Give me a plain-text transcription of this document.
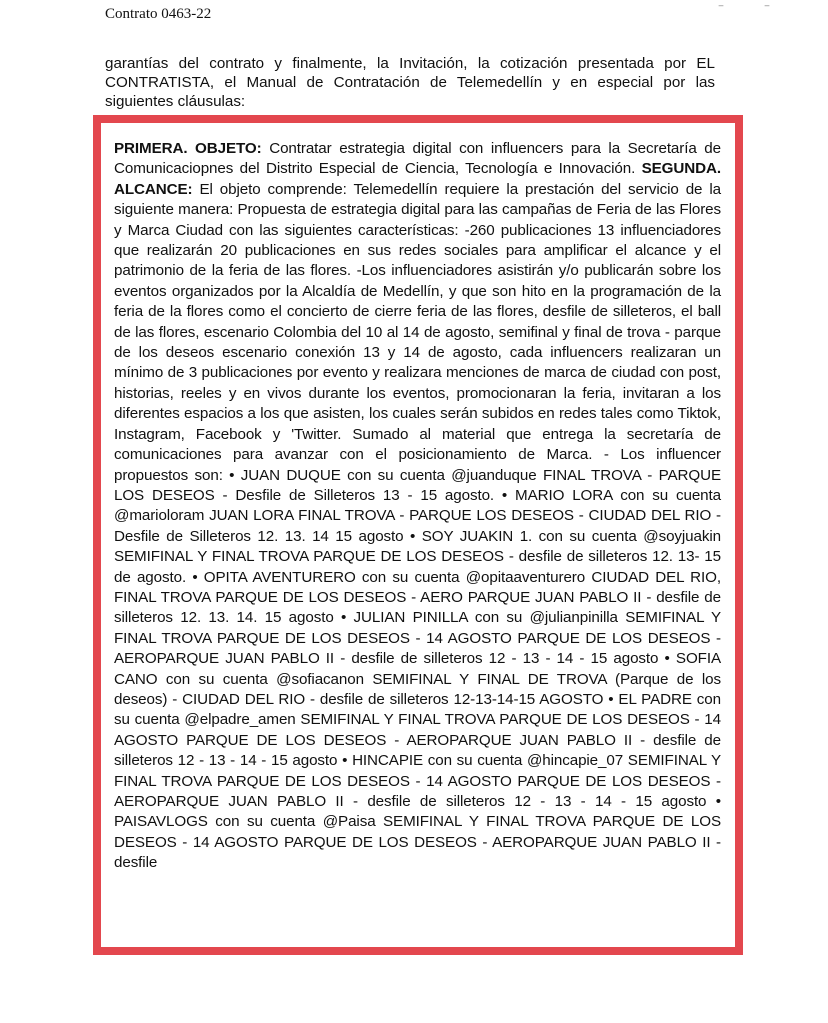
Contrato 0463-22	‾	‾
garantías del contrato y finalmente, la Invitación, la cotización presentada por EL CONTRATISTA, el Manual de Contratación de Telemedellín y en especial por las siguientes cláusulas:
PRIMERA. OBJETO: Contratar estrategia digital con influencers para la Secretaría de Comunicacіopnes del Distrito Especial de Ciencia, Tecnología e Innovación. SEGUNDA. ALCANCE: El objeto comprende: Telemedellín requiere la prestación del servicio de la siguiente manera: Propuesta de estrategia digital para las campañas de Feria de las Flores y Marca Ciudad con las siguientes características: -260 publicaciones 13 influenciadores que realizarán 20 publicaciones en sus redes sociales para amplificar el alcance y el patrimonio de la feria de las flores. -Los influenciadores asistirán y/o publicarán sobre los eventos organizados por la Alcaldía de Medellín, y que son hito en la programación de la feria de la flores como el concierto de cierre feria de las flores, desfile de silleteros, el ball de las flores, escenario Colombia del 10 al 14 de agosto, semifinal y final de trova - parque de los deseos escenario conexión 13 y 14 de agosto, cada influencers realizaran un mínimo de 3 publicaciones por evento y realizara menciones de marca de ciudad con post, historias, reeles y en vivos durante los eventos, promocionaran la feria, invitaran a los diferentes espacios a los que asisten, los cuales serán subidos en redes tales como Tiktok, Instagram, Facebook y 'Twitter. Sumado al material que entrega la secretaría de comunicaciones para avanzar con el posicionamiento de Marca. - Los influencer propuestos son: • JUAN DUQUE con su cuenta @juanduque FINAL TROVA - PARQUE LOS DESEOS - Desfile de Silleteros 13 - 15 agosto. • MARIO LORA con su cuenta @marioloram JUAN LORA FINAL TROVA - PARQUE LOS DESEOS - CIUDAD DEL RIO - Desfile de Silleteros 12. 13. 14 15 agosto • SOY JUAKIN 1. con su cuenta @soyjuakin SEMIFINAL Y FINAL TROVA PARQUE DE LOS DESEOS - desfile de silleteros 12. 13- 15 de agosto. • OPITA AVENTURERO con su cuenta @opitaaventurero CIUDAD DEL RIO, FINAL TROVA PARQUE DE LOS DESEOS - AERO PARQUE JUAN PABLO II - desfile de silleteros 12. 13. 14. 15 agosto • JULIAN PINILLA con su @julianpinilla SEMIFINAL Y FINAL TROVA PARQUE DE LOS DESEOS - 14 AGOSTO PARQUE DE LOS DESEOS - AEROPARQUE JUAN PABLO II - desfile de silleteros 12 - 13 - 14 - 15 agosto • SOFIA CANO con su cuenta @sofiacanon SEMIFINAL Y FINAL DE TROVA (Parque de los deseos) - CIUDAD DEL RIO - desfile de silleteros 12-13-14-15 AGOSTO • EL PADRE con su cuenta @elpadre_amen SEMIFINAL Y FINAL TROVA PARQUE DE LOS DESEOS - 14 AGOSTO PARQUE DE LOS DESEOS - AEROPARQUE JUAN PABLO II - desfile de silleteros 12 - 13 - 14 - 15 agosto • HINCAPIE con su cuenta @hincapie_07 SEMIFINAL Y FINAL TROVA PARQUE DE LOS DESEOS - 14 AGOSTO PARQUE DE LOS DESEOS - AEROPARQUE JUAN PABLO II - desfile de silleteros 12 - 13 - 14 - 15 agosto • PAISAVLOGS con su cuenta @Paisa SEMIFINAL Y FINAL TROVA PARQUE DE LOS DESEOS - 14 AGOSTO PARQUE DE LOS DESEOS - AEROPARQUE JUAN PABLO II - desfile
